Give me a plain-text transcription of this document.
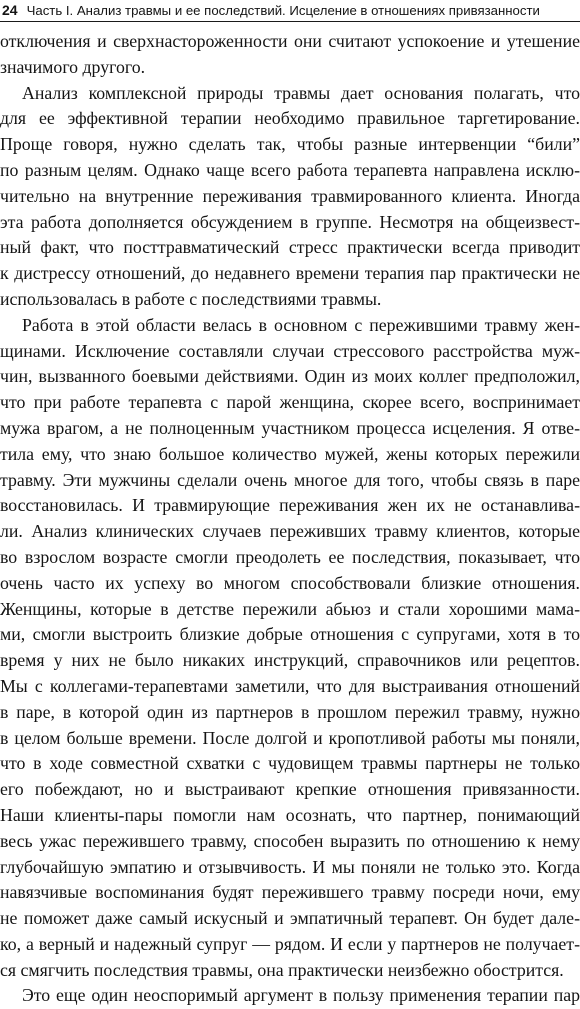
24 Часть I. Анализ травмы и ее последствий. Исцеление в отношениях привязанности
отключения и сверхнастороженности они считают успокоение и утешение
значимого другого.
Анализ комплексной природы травмы дает основания полагать, что
для ее эффективной терапии необходимо правильное таргетирование.
Проще говоря, нужно сделать так, чтобы разные интервенции “били”
по разным целям. Однако чаще всего работа терапевта направлена исклю-
чительно на внутренние переживания травмированного клиента. Иногда
эта работа дополняется обсуждением в группе. Несмотря на общеизвест-
ный факт, что посттравматический стресс практически всегда приводит
к дистрессу отношений, до недавнего времени терапия пар практически не
использовалась в работе с последствиями травмы.
Работа в этой области велась в основном с пережившими травму жен-
щинами. Исключение составляли случаи стрессового расстройства муж-
чин, вызванного боевыми действиями. Один из моих коллег предположил,
что при работе терапевта с парой женщина, скорее всего, воспринимает
мужа врагом, а не полноценным участником процесса исцеления. Я отве-
тила ему, что знаю большое количество мужей, жены которых пережили
травму. Эти мужчины сделали очень многое для того, чтобы связь в паре
восстановилась. И травмирующие переживания жен их не останавлива-
ли. Анализ клинических случаев переживших травму клиентов, которые
во взрослом возрасте смогли преодолеть ее последствия, показывает, что
очень часто их успеху во многом способствовали близкие отношения.
Женщины, которые в детстве пережили абьюз и стали хорошими мама-
ми, смогли выстроить близкие добрые отношения с супругами, хотя в то
время у них не было никаких инструкций, справочников или рецептов.
Мы с коллегами-терапевтами заметили, что для выстраивания отношений
в паре, в которой один из партнеров в прошлом пережил травму, нужно
в целом больше времени. После долгой и кропотливой работы мы поняли,
что в ходе совместной схватки с чудовищем травмы партнеры не только
его побеждают, но и выстраивают крепкие отношения привязанности.
Наши клиенты-пары помогли нам осознать, что партнер, понимающий
весь ужас пережившего травму, способен выразить по отношению к нему
глубочайшую эмпатию и отзывчивость. И мы поняли не только это. Когда
навязчивые воспоминания будят пережившего травму посреди ночи, ему
не поможет даже самый искусный и эмпатичный терапевт. Он будет дале-
ко, а верный и надежный супруг — рядом. И если у партнеров не получает-
ся смягчить последствия травмы, она практически неизбежно обострится.
Это еще один неоспоримый аргумент в пользу применения терапии пар
